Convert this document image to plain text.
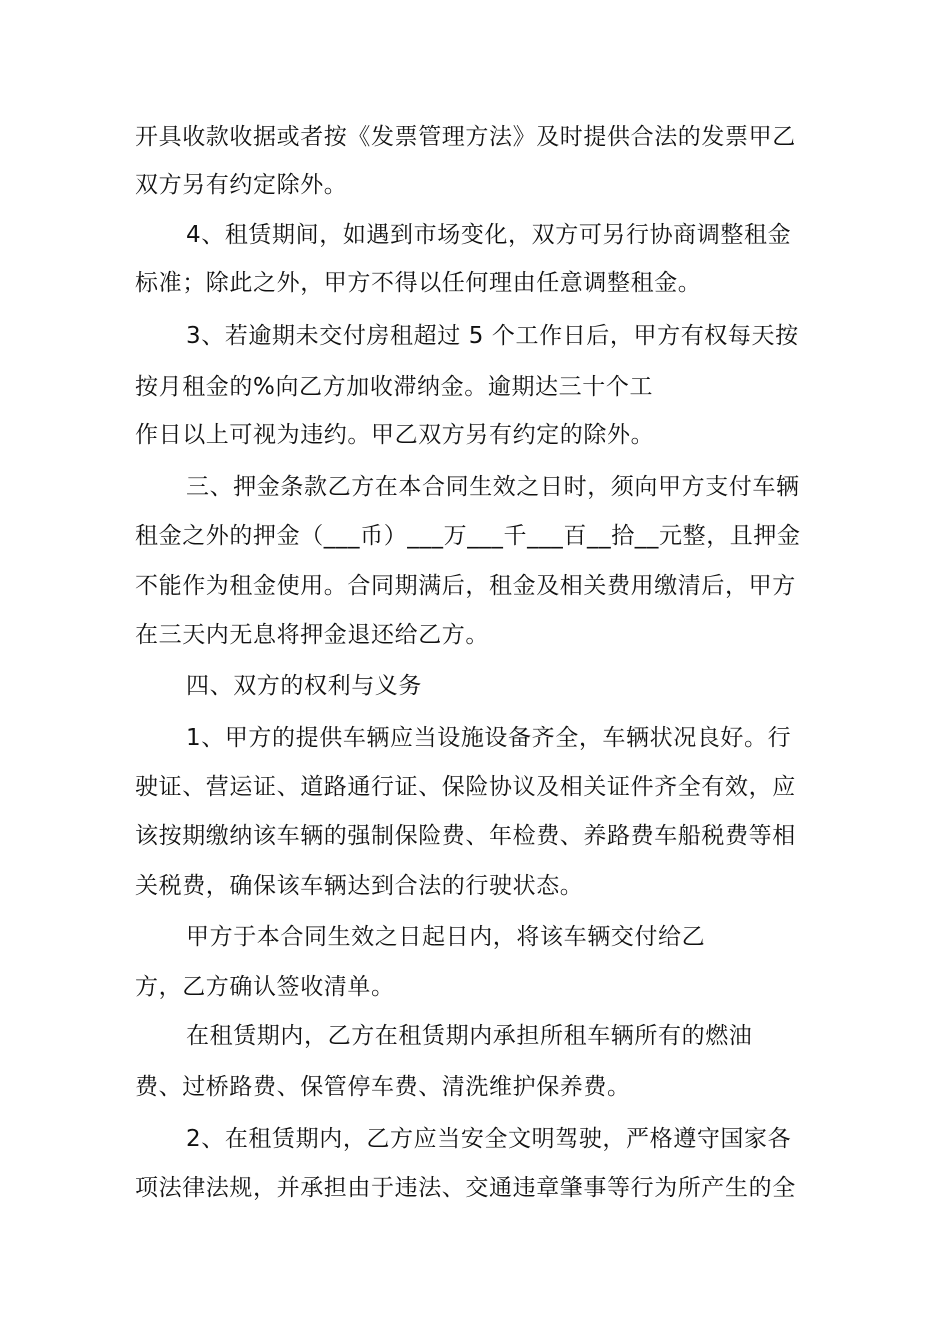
开具收款收据或者按《发票管理方法》及时提供合法的发票甲乙
双方另有约定除外。
4、租赁期间，如遇到市场变化，双方可另行协商调整租金
标准；除此之外，甲方不得以任何理由任意调整租金。
3、若逾期未交付房租超过 5 个工作日后，甲方有权每天按
按月租金的%向乙方加收滞纳金。逾期达三十个工
作日以上可视为违约。甲乙双方另有约定的除外。
三、押金条款乙方在本合同生效之日时，须向甲方支付车辆
租金之外的押金（___币）___万___千___百__拾__元整，且押金
不能作为租金使用。合同期满后，租金及相关费用缴清后，甲方
在三天内无息将押金退还给乙方。
四、双方的权利与义务
1、甲方的提供车辆应当设施设备齐全，车辆状况良好。行
驶证、营运证、道路通行证、保险协议及相关证件齐全有效，应
该按期缴纳该车辆的强制保险费、年检费、养路费车船税费等相
关税费，确保该车辆达到合法的行驶状态。
甲方于本合同生效之日起日内，将该车辆交付给乙
方，乙方确认签收清单。
在租赁期内，乙方在租赁期内承担所租车辆所有的燃油
费、过桥路费、保管停车费、清洗维护保养费。
2、在租赁期内，乙方应当安全文明驾驶，严格遵守国家各
项法律法规，并承担由于违法、交通违章肇事等行为所产生的全
